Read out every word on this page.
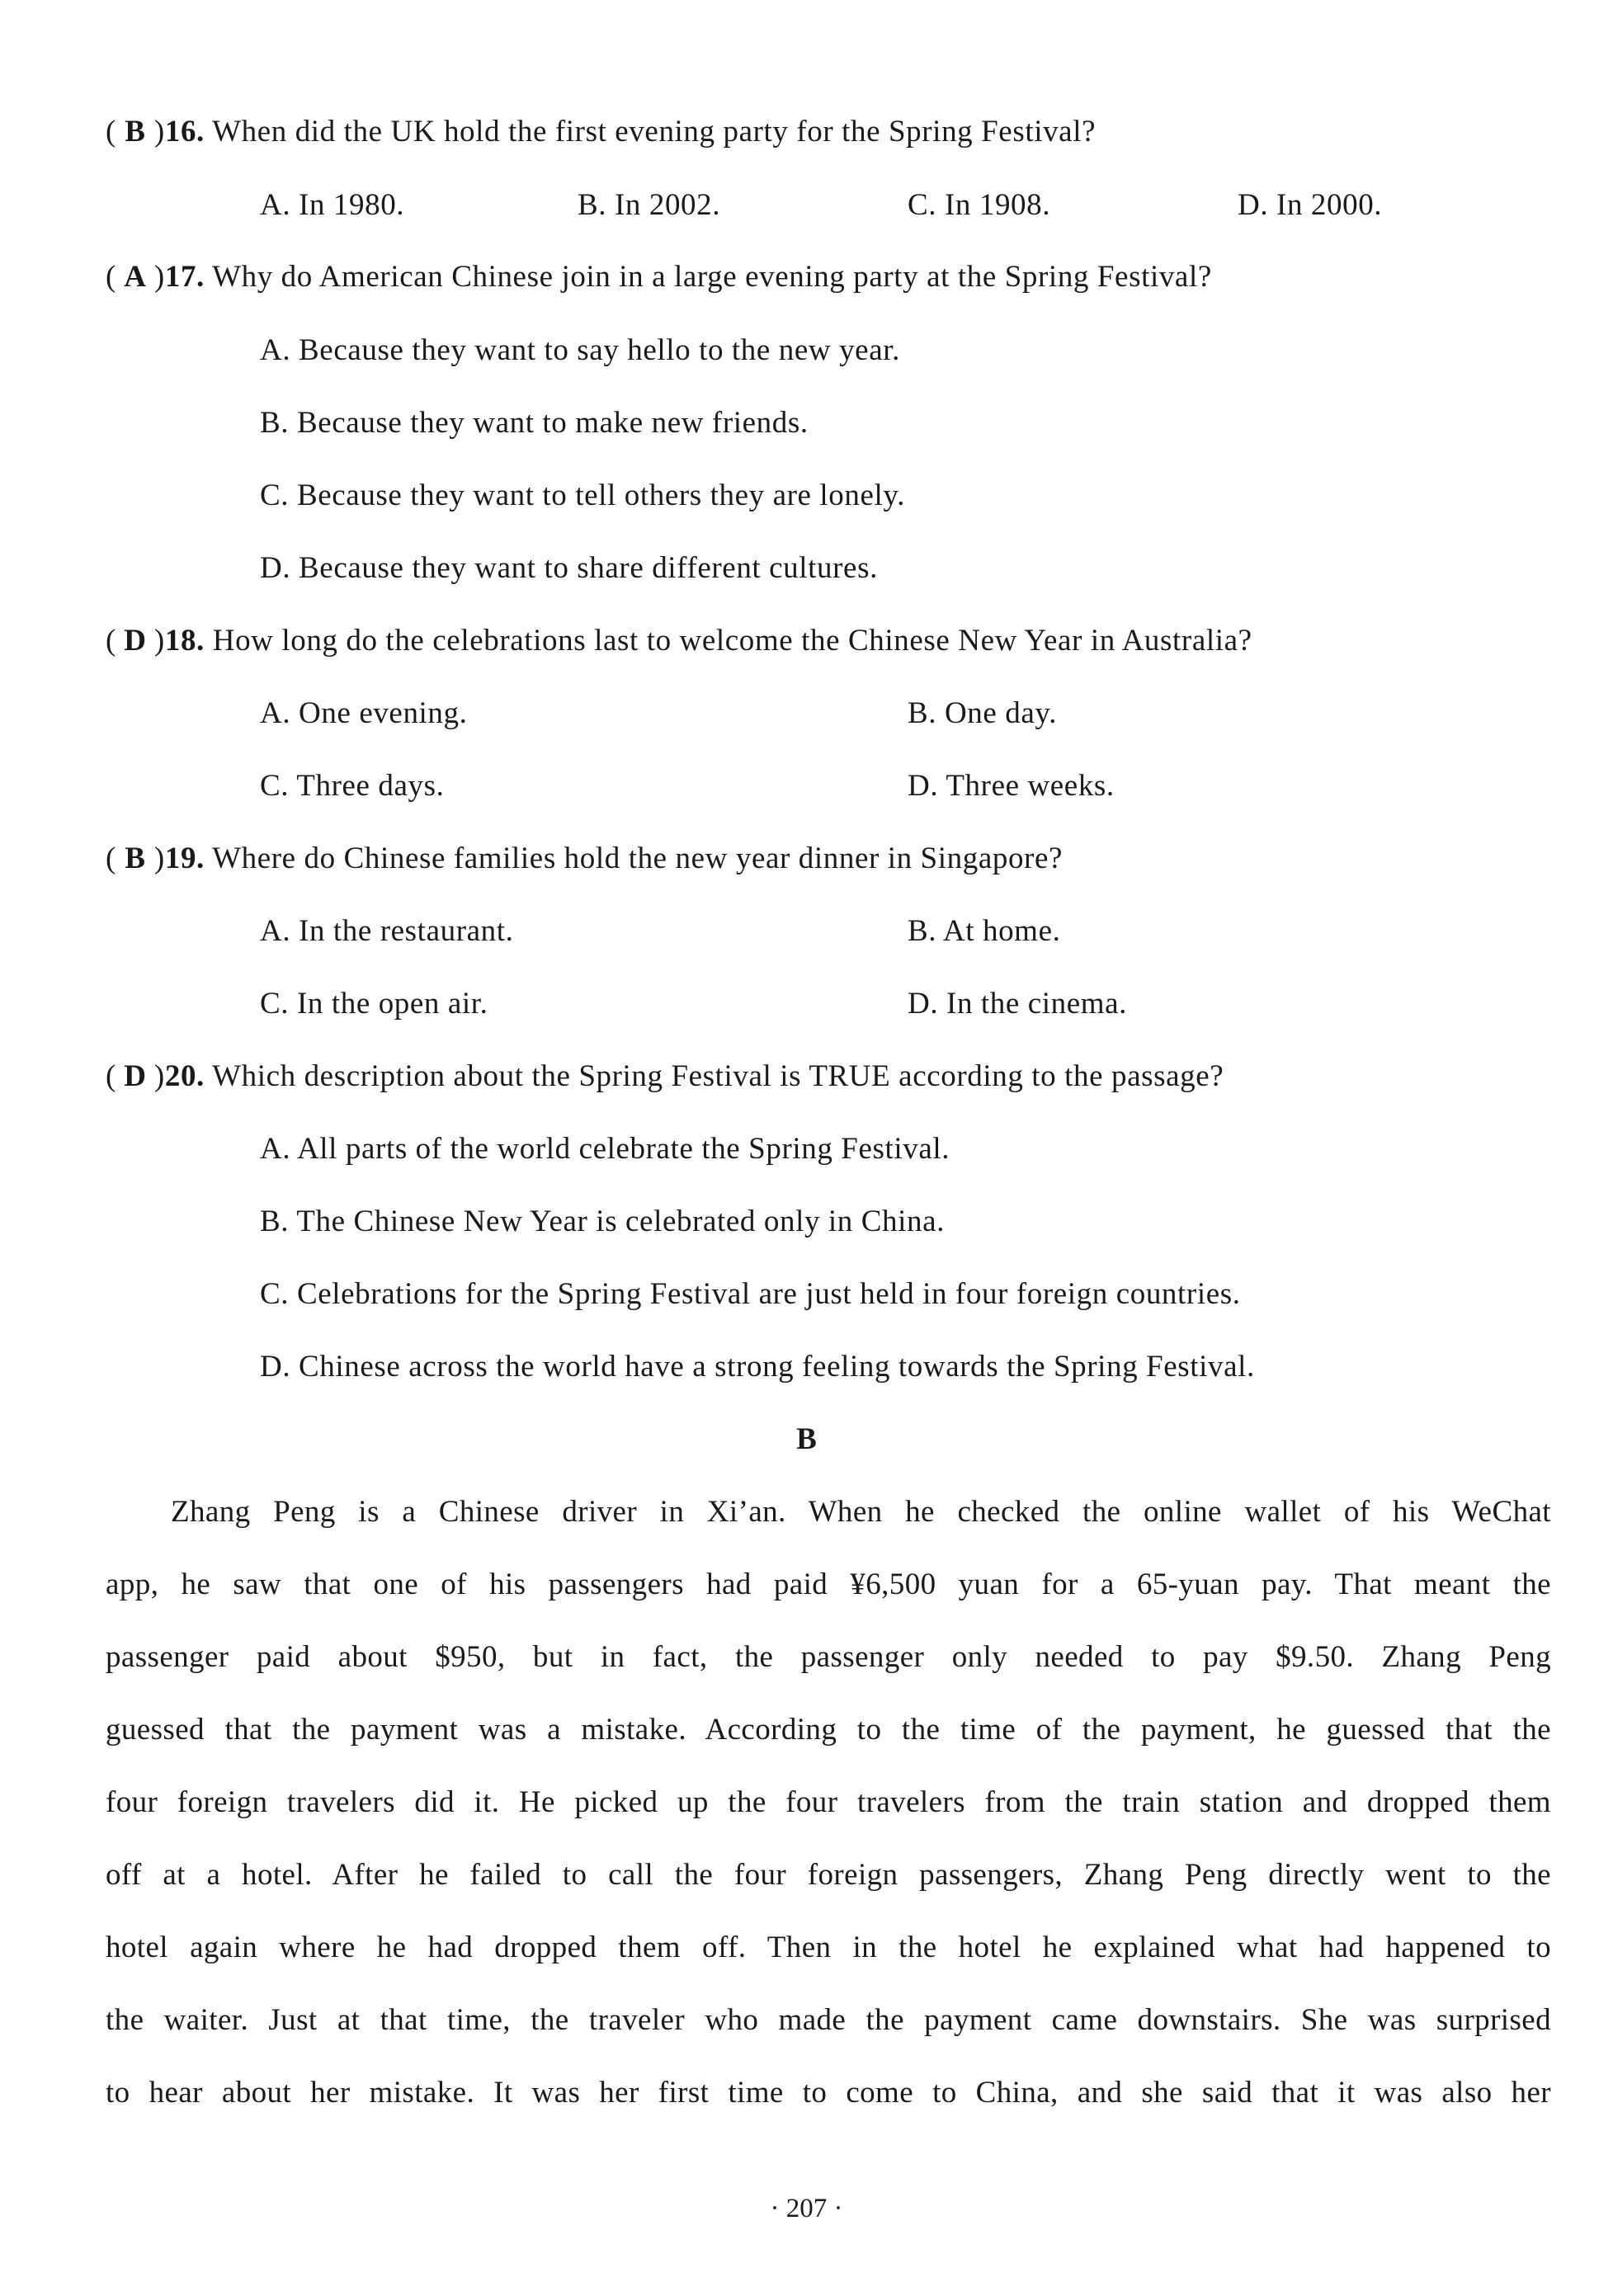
( B )16. When did the UK hold the first evening party for the Spring Festival?
A. In 1980.	B. In 2002.	C. In 1908.	D. In 2000.
( A )17. Why do American Chinese join in a large evening party at the Spring Festival?
A. Because they want to say hello to the new year.
B. Because they want to make new friends.
C. Because they want to tell others they are lonely.
D. Because they want to share different cultures.
( D )18. How long do the celebrations last to welcome the Chinese New Year in Australia?
A. One evening.	B. One day.
C. Three days.	D. Three weeks.
( B )19. Where do Chinese families hold the new year dinner in Singapore?
A. In the restaurant.	B. At home.
C. In the open air.	D. In the cinema.
( D )20. Which description about the Spring Festival is TRUE according to the passage?
A. All parts of the world celebrate the Spring Festival.
B. The Chinese New Year is celebrated only in China.
C. Celebrations for the Spring Festival are just held in four foreign countries.
D. Chinese across the world have a strong feeling towards the Spring Festival.
B
Zhang Peng is a Chinese driver in Xi’an. When he checked the online wallet of his WeChat
app, he saw that one of his passengers had paid ¥6,500 yuan for a 65-yuan pay. That meant the
passenger paid about $950, but in fact, the passenger only needed to pay $9.50. Zhang Peng
guessed that the payment was a mistake. According to the time of the payment, he guessed that the
four foreign travelers did it. He picked up the four travelers from the train station and dropped them
off at a hotel. After he failed to call the four foreign passengers, Zhang Peng directly went to the
hotel again where he had dropped them off. Then in the hotel he explained what had happened to
the waiter. Just at that time, the traveler who made the payment came downstairs. She was surprised
to hear about her mistake. It was her first time to come to China, and she said that it was also her
· 207 ·
